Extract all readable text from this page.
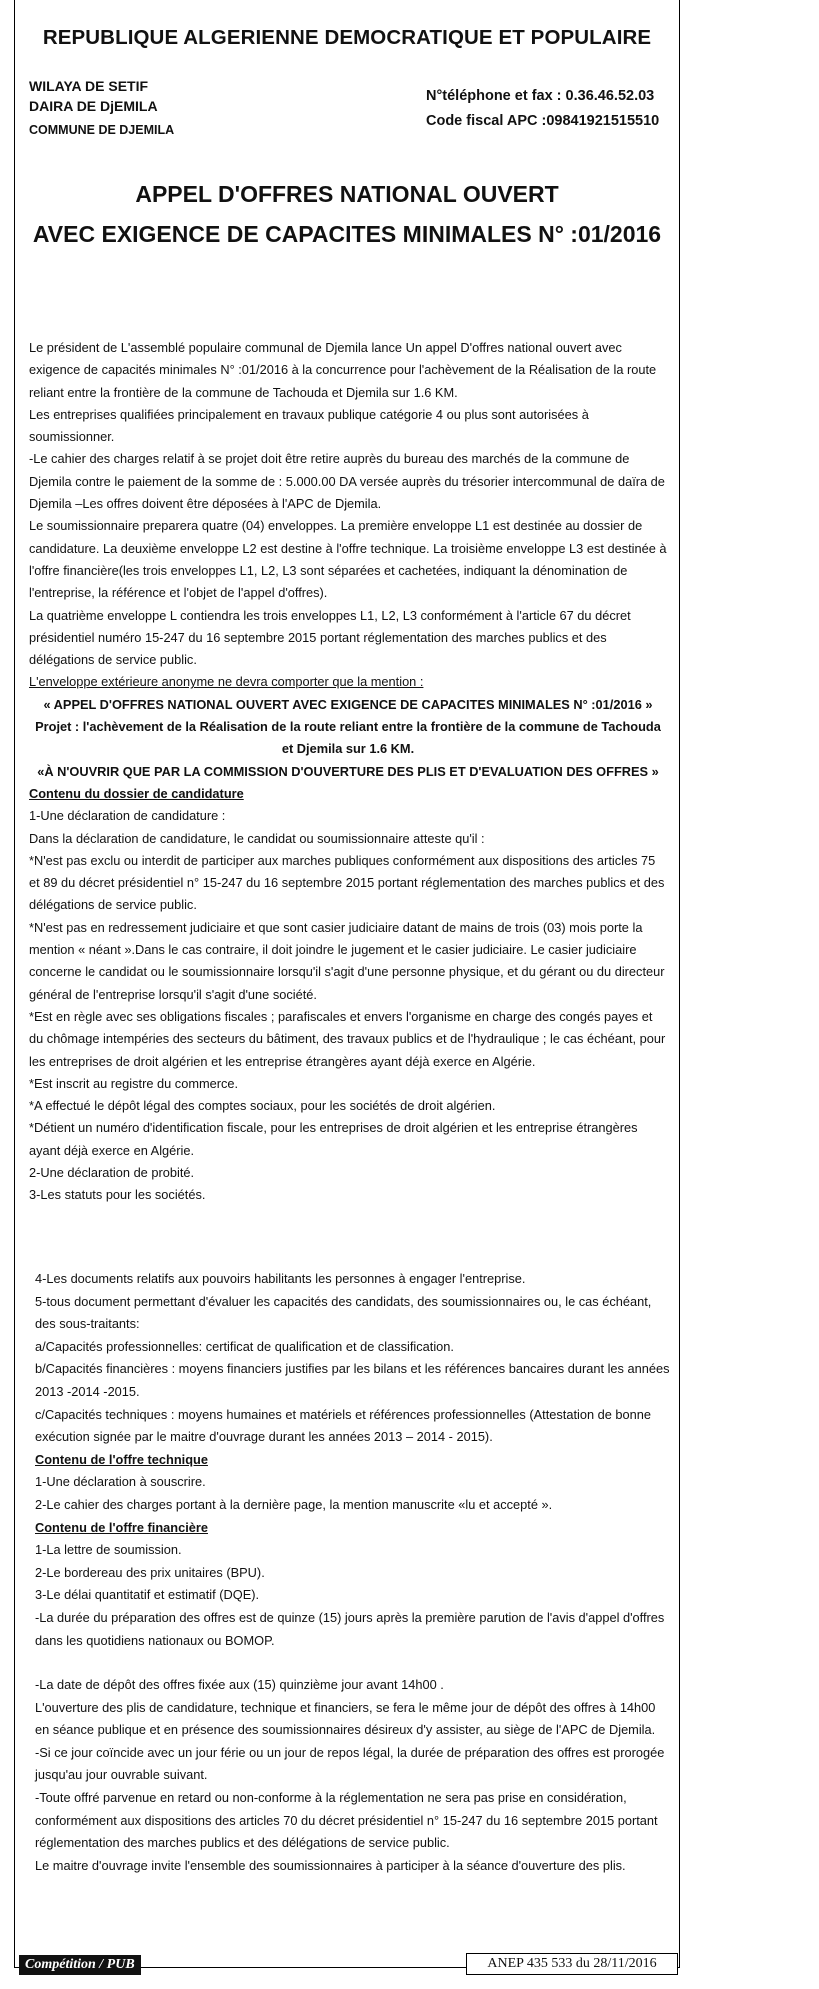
REPUBLIQUE ALGERIENNE DEMOCRATIQUE ET POPULAIRE
WILAYA DE SETIF
DAIRA DE DjEMILA
COMMUNE DE DJEMILA
N°téléphone et fax : 0.36.46.52.03
Code fiscal APC :09841921515510
APPEL D'OFFRES NATIONAL OUVERT
AVEC EXIGENCE DE CAPACITES MINIMALES N° :01/2016

Le président de L'assemblé populaire communal de Djemila lance Un appel D'offres national ouvert avec exigence de capacités minimales N° :01/2016 à la concurrence pour l'achèvement de la Réalisation de la route reliant entre la frontière de la commune de Tachouda et Djemila sur 1.6 KM.

Les entreprises qualifiées principalement en travaux publique catégorie 4 ou plus sont autorisées à soumissionner.

-Le cahier des charges relatif à se projet doit être retire auprès du bureau des marchés de la commune de Djemila contre le paiement de la somme de : 5.000.00 DA versée auprès du trésorier intercommunal de daïra de Djemila –Les offres doivent être déposées à l'APC de Djemila.

Le soumissionnaire preparera quatre (04) enveloppes. La première enveloppe L1 est destinée au dossier de candidature. La deuxième enveloppe L2 est destine à l'offre technique. La troisième enveloppe L3 est destinée à l'offre financière(les trois enveloppes L1, L2, L3 sont séparées et cachetées, indiquant la dénomination de l'entreprise, la référence et l'objet de l'appel d'offres).

La quatrième enveloppe L contiendra les trois enveloppes L1, L2, L3 conformément à l'article 67 du décret présidentiel numéro 15-247 du 16 septembre 2015 portant réglementation des marches publics et des délégations de service public.

L'enveloppe extérieure anonyme ne devra comporter que la mention :

« APPEL D'OFFRES NATIONAL OUVERT AVEC EXIGENCE DE CAPACITES MINIMALES N° :01/2016 »

Projet : l'achèvement de la Réalisation de la route reliant entre la frontière de la commune de Tachouda et Djemila sur 1.6 KM.

«À N'OUVRIR QUE PAR LA COMMISSION D'OUVERTURE DES PLIS ET D'EVALUATION DES OFFRES »

Contenu du dossier de candidature

1-Une déclaration de candidature :

Dans la déclaration de candidature, le candidat ou soumissionnaire atteste qu'il :

*N'est pas exclu ou interdit de participer aux marches publiques conformément aux dispositions des articles 75 et 89 du décret présidentiel n° 15-247 du 16 septembre 2015 portant réglementation des marches publics et des délégations de service public.

*N'est pas en redressement judiciaire et que sont casier judiciaire datant de mains de trois (03) mois porte la mention « néant ».Dans le cas contraire, il doit joindre le jugement et le casier judiciaire. Le casier judiciaire concerne le candidat ou le soumissionnaire lorsqu'il s'agit d'une personne physique, et du gérant ou du directeur général de l'entreprise lorsqu'il s'agit d'une société.

*Est en règle avec ses obligations fiscales ; parafiscales et envers l'organisme en charge des congés payes et du chômage intempéries des secteurs du bâtiment, des travaux publics et de l'hydraulique ; le cas échéant, pour les entreprises de droit algérien et les entreprise étrangères ayant déjà exerce en Algérie.

*Est inscrit au registre du commerce.

*A effectué le dépôt légal des comptes sociaux, pour les sociétés de droit algérien.

*Détient un numéro d'identification fiscale, pour les entreprises de droit algérien et les entreprise étrangères ayant déjà exerce en Algérie.

2-Une déclaration de probité.

3-Les statuts pour les sociétés.

4-Les documents relatifs aux pouvoirs habilitants les personnes à engager l'entreprise.

5-tous document permettant d'évaluer les capacités des candidats, des soumissionnaires ou, le cas échéant, des sous-traitants:

a/Capacités professionnelles: certificat de qualification et de classification.

b/Capacités financières : moyens financiers justifies par les bilans et les références bancaires durant les années 2013 -2014 -2015.

c/Capacités techniques : moyens humaines et matériels et références professionnelles (Attestation de bonne exécution signée par le maitre d'ouvrage durant les années 2013 – 2014 - 2015).

Contenu de l'offre technique

1-Une déclaration à souscrire.

2-Le cahier des charges portant à la dernière page, la mention manuscrite «lu et accepté ».

Contenu de l'offre financière

1-La lettre de soumission.

2-Le bordereau des prix unitaires (BPU).

3-Le délai quantitatif et estimatif (DQE).

-La durée du préparation des offres est de quinze (15) jours après la première parution de l'avis d'appel d'offres dans les quotidiens nationaux ou BOMOP.

-La date de dépôt des offres fixée aux (15) quinzième jour avant 14h00 .

L'ouverture des plis de candidature, technique et financiers, se fera le même jour de dépôt des offres à 14h00 en séance publique et en présence des soumissionnaires désireux d'y assister, au siège de l'APC de Djemila.

-Si ce jour coïncide avec un jour férie ou un jour de repos légal, la durée de préparation des offres est prorogée jusqu'au jour ouvrable suivant.

-Toute offré parvenue en retard ou non-conforme à la réglementation ne sera pas prise en considération, conformément aux dispositions des articles 70 du décret présidentiel n° 15-247 du 16 septembre 2015 portant réglementation des marches publics et des délégations de service public.

Le maitre d'ouvrage invite l'ensemble des soumissionnaires à participer à la séance d'ouverture des plis.

Compétition / PUB	ANEP 435 533 du 28/11/2016
